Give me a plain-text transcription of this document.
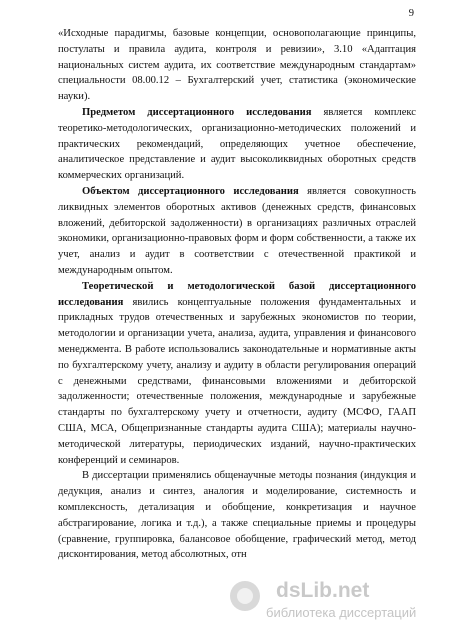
9

«Исходные парадигмы, базовые концепции, основополагающие принципы, постулаты и правила аудита, контроля и ревизии», 3.10 «Адаптация национальных систем аудита, их соответствие международным стандартам» специальности 08.00.12 – Бухгалтерский учет, статистика (экономические науки).

Предметом диссертационного исследования является комплекс теоретико-методологических, организационно-методических положений и практических рекомендаций, определяющих учетное обеспечение, аналитическое представление и аудит высоколиквидных оборотных средств коммерческих организаций.

Объектом диссертационного исследования является совокупность ликвидных элементов оборотных активов (денежных средств, финансовых вложений, дебиторской задолженности) в организациях различных отраслей экономики, организационно-правовых форм и форм собственности, а также их учет, анализ и аудит в соответствии с отечественной практикой и международным опытом.

Теоретической и методологической базой диссертационного исследования явились концептуальные положения фундаментальных и прикладных трудов отечественных и зарубежных экономистов по теории, методологии и организации учета, анализа, аудита, управления и финансового менеджмента. В работе использовались законодательные и нормативные акты по бухгалтерскому учету, анализу и аудиту в области регулирования операций с денежными средствами, финансовыми вложениями и дебиторской задолженности; отечественные положения, международные и зарубежные стандарты по бухгалтерскому учету и отчетности, аудиту (МСФО, ГААП США, МСА, Общепризнанные стандарты аудита США); материалы научно-методической литературы, периодических изданий, научно-практических конференций и семинаров.

В диссертации применялись общенаучные методы познания (индукция и дедукция, анализ и синтез, аналогия и моделирование, системность и комплексность, детализация и обобщение, конкретизация и научное абстрагирование, логика и т.д.), а также специальные приемы и процедуры (сравнение, группировка, балансовое обобщение, графический метод, метод дисконтирования, метод абсолютных, отн

dsLib.net
библиотека диссертаций
